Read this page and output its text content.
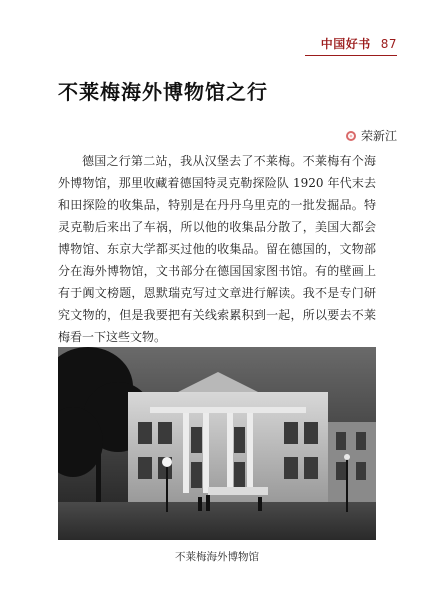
中国好书 87
不莱梅海外博物馆之行
荣新江

德国之行第二站，我从汉堡去了不莱梅。不莱梅有个海外博物馆，那里收藏着德国特灵克勒探险队 1920 年代末去和田探险的收集品，特别是在丹丹乌里克的一批发掘品。特灵克勒后来出了车祸，所以他的收集品分散了，美国大都会博物馆、东京大学都买过他的收集品。留在德国的，文物部分在海外博物馆，文书部分在德国国家图书馆。有的壁画上有于阗文榜题，恩默瑞克写过文章进行解读。我不是专门研究文物的，但是我要把有关线索累积到一起，所以要去不莱梅看一下这些文物。

不莱梅海外博物馆
